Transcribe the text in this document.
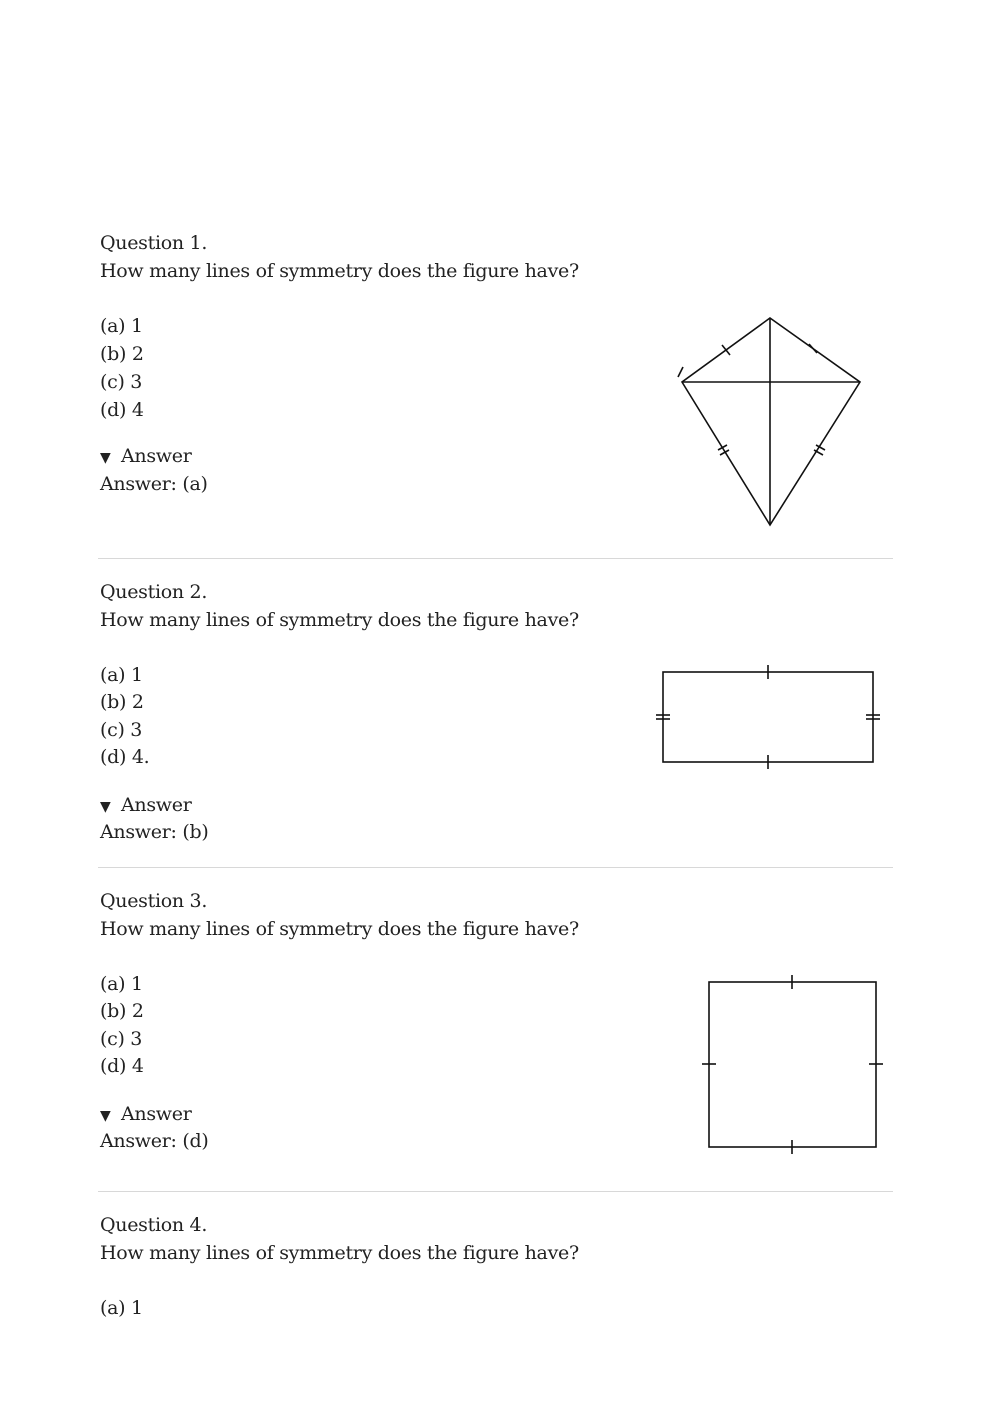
Question 1.
How many lines of symmetry does the figure have?
(a) 1
(b) 2
(c) 3
(d) 4
▼ Answer
Answer: (a)
Question 2.
How many lines of symmetry does the figure have?
(a) 1
(b) 2
(c) 3
(d) 4.
▼ Answer
Answer: (b)
Question 3.
How many lines of symmetry does the figure have?
(a) 1
(b) 2
(c) 3
(d) 4
▼ Answer
Answer: (d)
Question 4.
How many lines of symmetry does the figure have?
(a) 1
